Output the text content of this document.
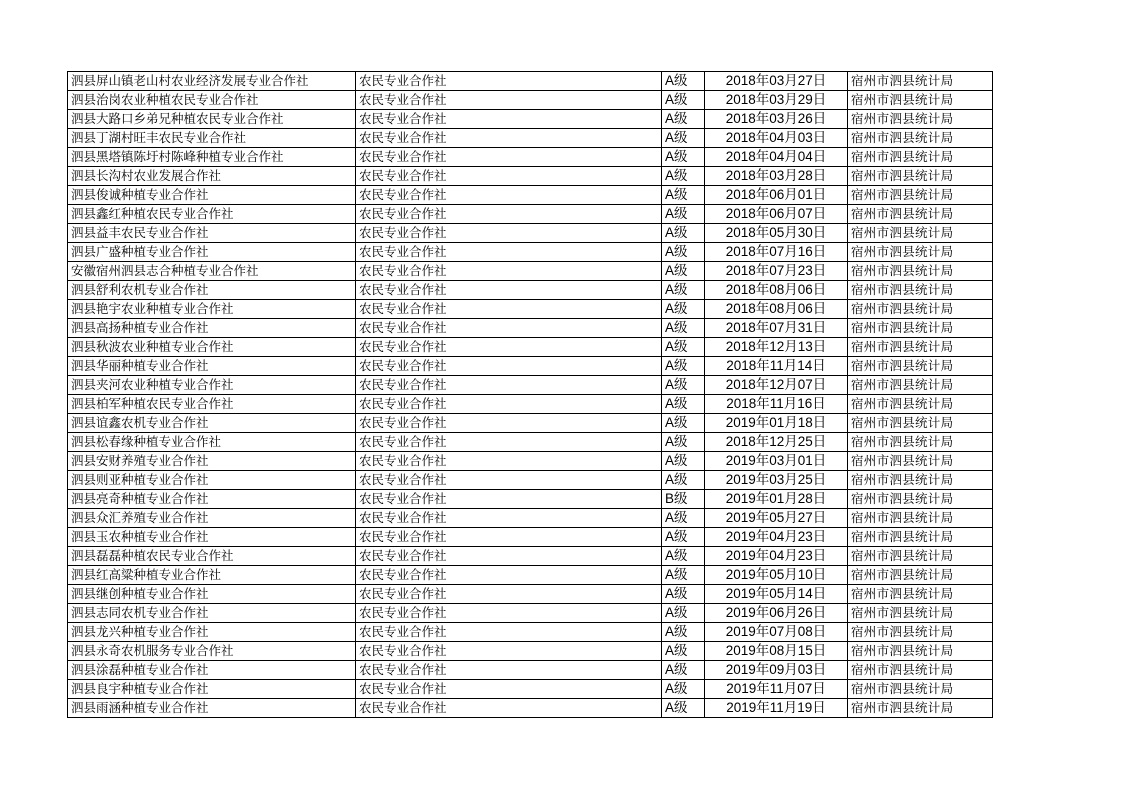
泗县屏山镇老山村农业经济发展专业合作社	农民专业合作社	A级	2018年03月27日	宿州市泗县统计局
泗县治岗农业种植农民专业合作社	农民专业合作社	A级	2018年03月29日	宿州市泗县统计局
泗县大路口乡弟兄种植农民专业合作社	农民专业合作社	A级	2018年03月26日	宿州市泗县统计局
泗县丁湖村旺丰农民专业合作社	农民专业合作社	A级	2018年04月03日	宿州市泗县统计局
泗县黑塔镇陈圩村陈峰种植专业合作社	农民专业合作社	A级	2018年04月04日	宿州市泗县统计局
泗县长沟村农业发展合作社	农民专业合作社	A级	2018年03月28日	宿州市泗县统计局
泗县俊诚种植专业合作社	农民专业合作社	A级	2018年06月01日	宿州市泗县统计局
泗县鑫红种植农民专业合作社	农民专业合作社	A级	2018年06月07日	宿州市泗县统计局
泗县益丰农民专业合作社	农民专业合作社	A级	2018年05月30日	宿州市泗县统计局
泗县广盛种植专业合作社	农民专业合作社	A级	2018年07月16日	宿州市泗县统计局
安徽宿州泗县志合种植专业合作社	农民专业合作社	A级	2018年07月23日	宿州市泗县统计局
泗县舒利农机专业合作社	农民专业合作社	A级	2018年08月06日	宿州市泗县统计局
泗县艳宇农业种植专业合作社	农民专业合作社	A级	2018年08月06日	宿州市泗县统计局
泗县高扬种植专业合作社	农民专业合作社	A级	2018年07月31日	宿州市泗县统计局
泗县秋波农业种植专业合作社	农民专业合作社	A级	2018年12月13日	宿州市泗县统计局
泗县华丽种植专业合作社	农民专业合作社	A级	2018年11月14日	宿州市泗县统计局
泗县夹河农业种植专业合作社	农民专业合作社	A级	2018年12月07日	宿州市泗县统计局
泗县柏军种植农民专业合作社	农民专业合作社	A级	2018年11月16日	宿州市泗县统计局
泗县谊鑫农机专业合作社	农民专业合作社	A级	2019年01月18日	宿州市泗县统计局
泗县松春缘种植专业合作社	农民专业合作社	A级	2018年12月25日	宿州市泗县统计局
泗县安财养殖专业合作社	农民专业合作社	A级	2019年03月01日	宿州市泗县统计局
泗县则亚种植专业合作社	农民专业合作社	A级	2019年03月25日	宿州市泗县统计局
泗县亮奇种植专业合作社	农民专业合作社	B级	2019年01月28日	宿州市泗县统计局
泗县众汇养殖专业合作社	农民专业合作社	A级	2019年05月27日	宿州市泗县统计局
泗县玉农种植专业合作社	农民专业合作社	A级	2019年04月23日	宿州市泗县统计局
泗县磊磊种植农民专业合作社	农民专业合作社	A级	2019年04月23日	宿州市泗县统计局
泗县红高粱种植专业合作社	农民专业合作社	A级	2019年05月10日	宿州市泗县统计局
泗县继创种植专业合作社	农民专业合作社	A级	2019年05月14日	宿州市泗县统计局
泗县志同农机专业合作社	农民专业合作社	A级	2019年06月26日	宿州市泗县统计局
泗县龙兴种植专业合作社	农民专业合作社	A级	2019年07月08日	宿州市泗县统计局
泗县永奇农机服务专业合作社	农民专业合作社	A级	2019年08月15日	宿州市泗县统计局
泗县涂磊种植专业合作社	农民专业合作社	A级	2019年09月03日	宿州市泗县统计局
泗县良宇种植专业合作社	农民专业合作社	A级	2019年11月07日	宿州市泗县统计局
泗县雨涵种植专业合作社	农民专业合作社	A级	2019年11月19日	宿州市泗县统计局
